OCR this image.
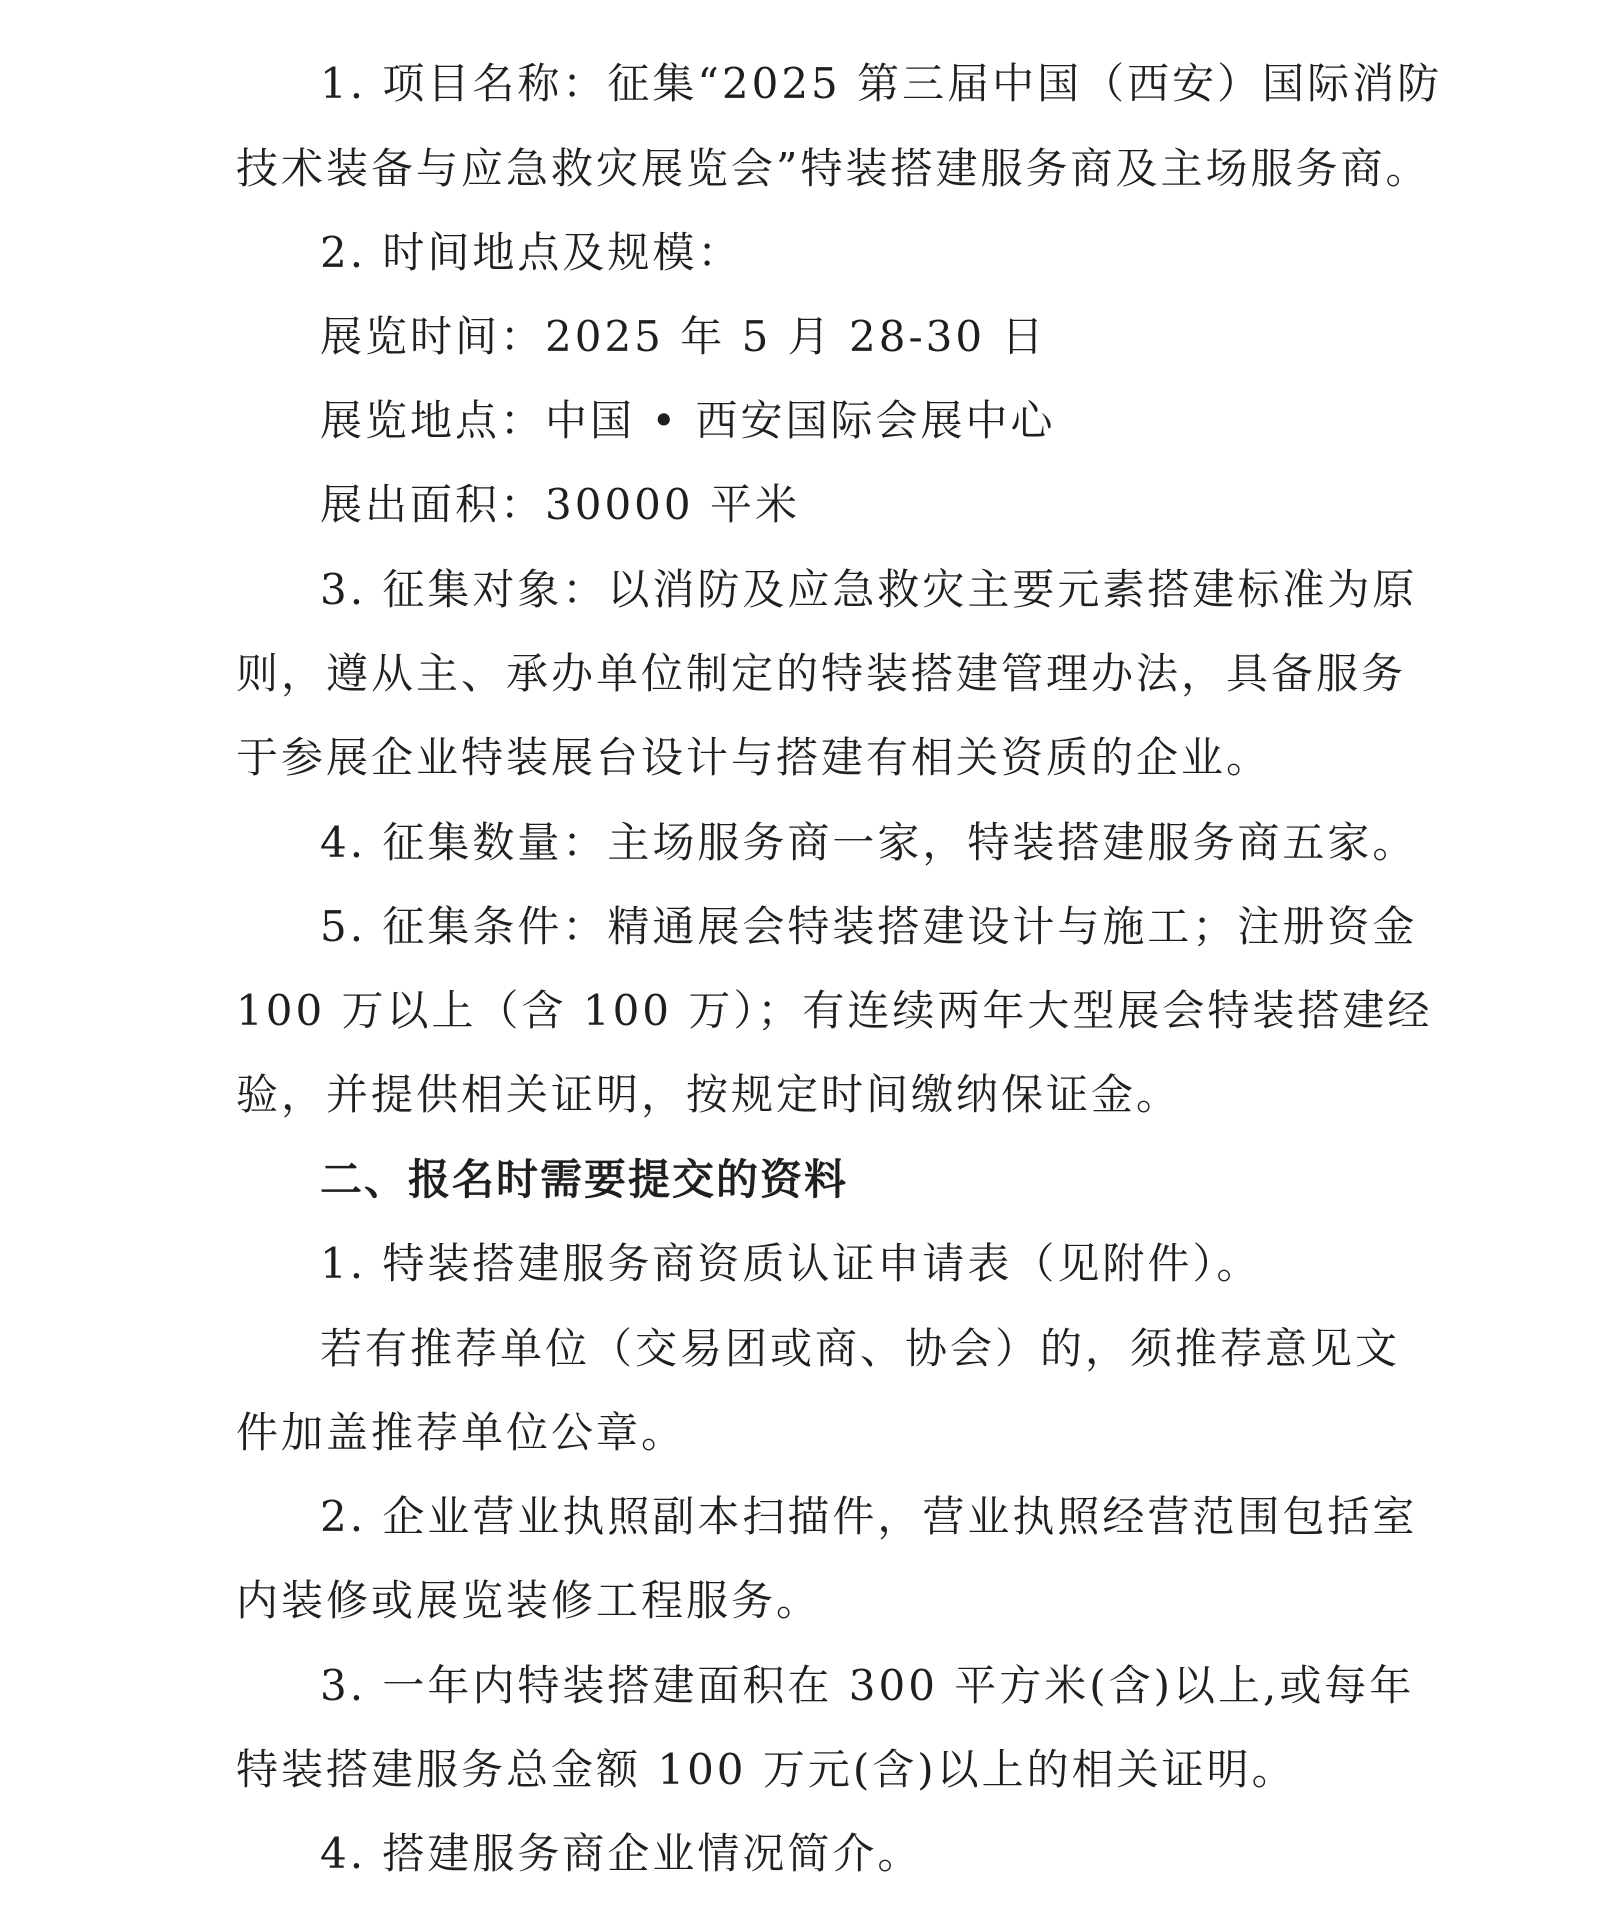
1. 项目名称：征集“2025 第三届中国（西安）国际消防
技术装备与应急救灾展览会”特装搭建服务商及主场服务商。
2. 时间地点及规模：
展览时间：2025 年 5 月 28-30 日
展览地点：中国 • 西安国际会展中心
展出面积：30000 平米
3. 征集对象：以消防及应急救灾主要元素搭建标准为原
则，遵从主、承办单位制定的特装搭建管理办法，具备服务
于参展企业特装展台设计与搭建有相关资质的企业。
4. 征集数量：主场服务商一家，特装搭建服务商五家。
5. 征集条件：精通展会特装搭建设计与施工；注册资金
100 万以上（含 100 万）；有连续两年大型展会特装搭建经
验，并提供相关证明，按规定时间缴纳保证金。
二、报名时需要提交的资料
1. 特装搭建服务商资质认证申请表（见附件）。
若有推荐单位（交易团或商、协会）的，须推荐意见文
件加盖推荐单位公章。
2. 企业营业执照副本扫描件，营业执照经营范围包括室
内装修或展览装修工程服务。
3. 一年内特装搭建面积在 300 平方米(含)以上,或每年
特装搭建服务总金额 100 万元(含)以上的相关证明。
4. 搭建服务商企业情况简介。
